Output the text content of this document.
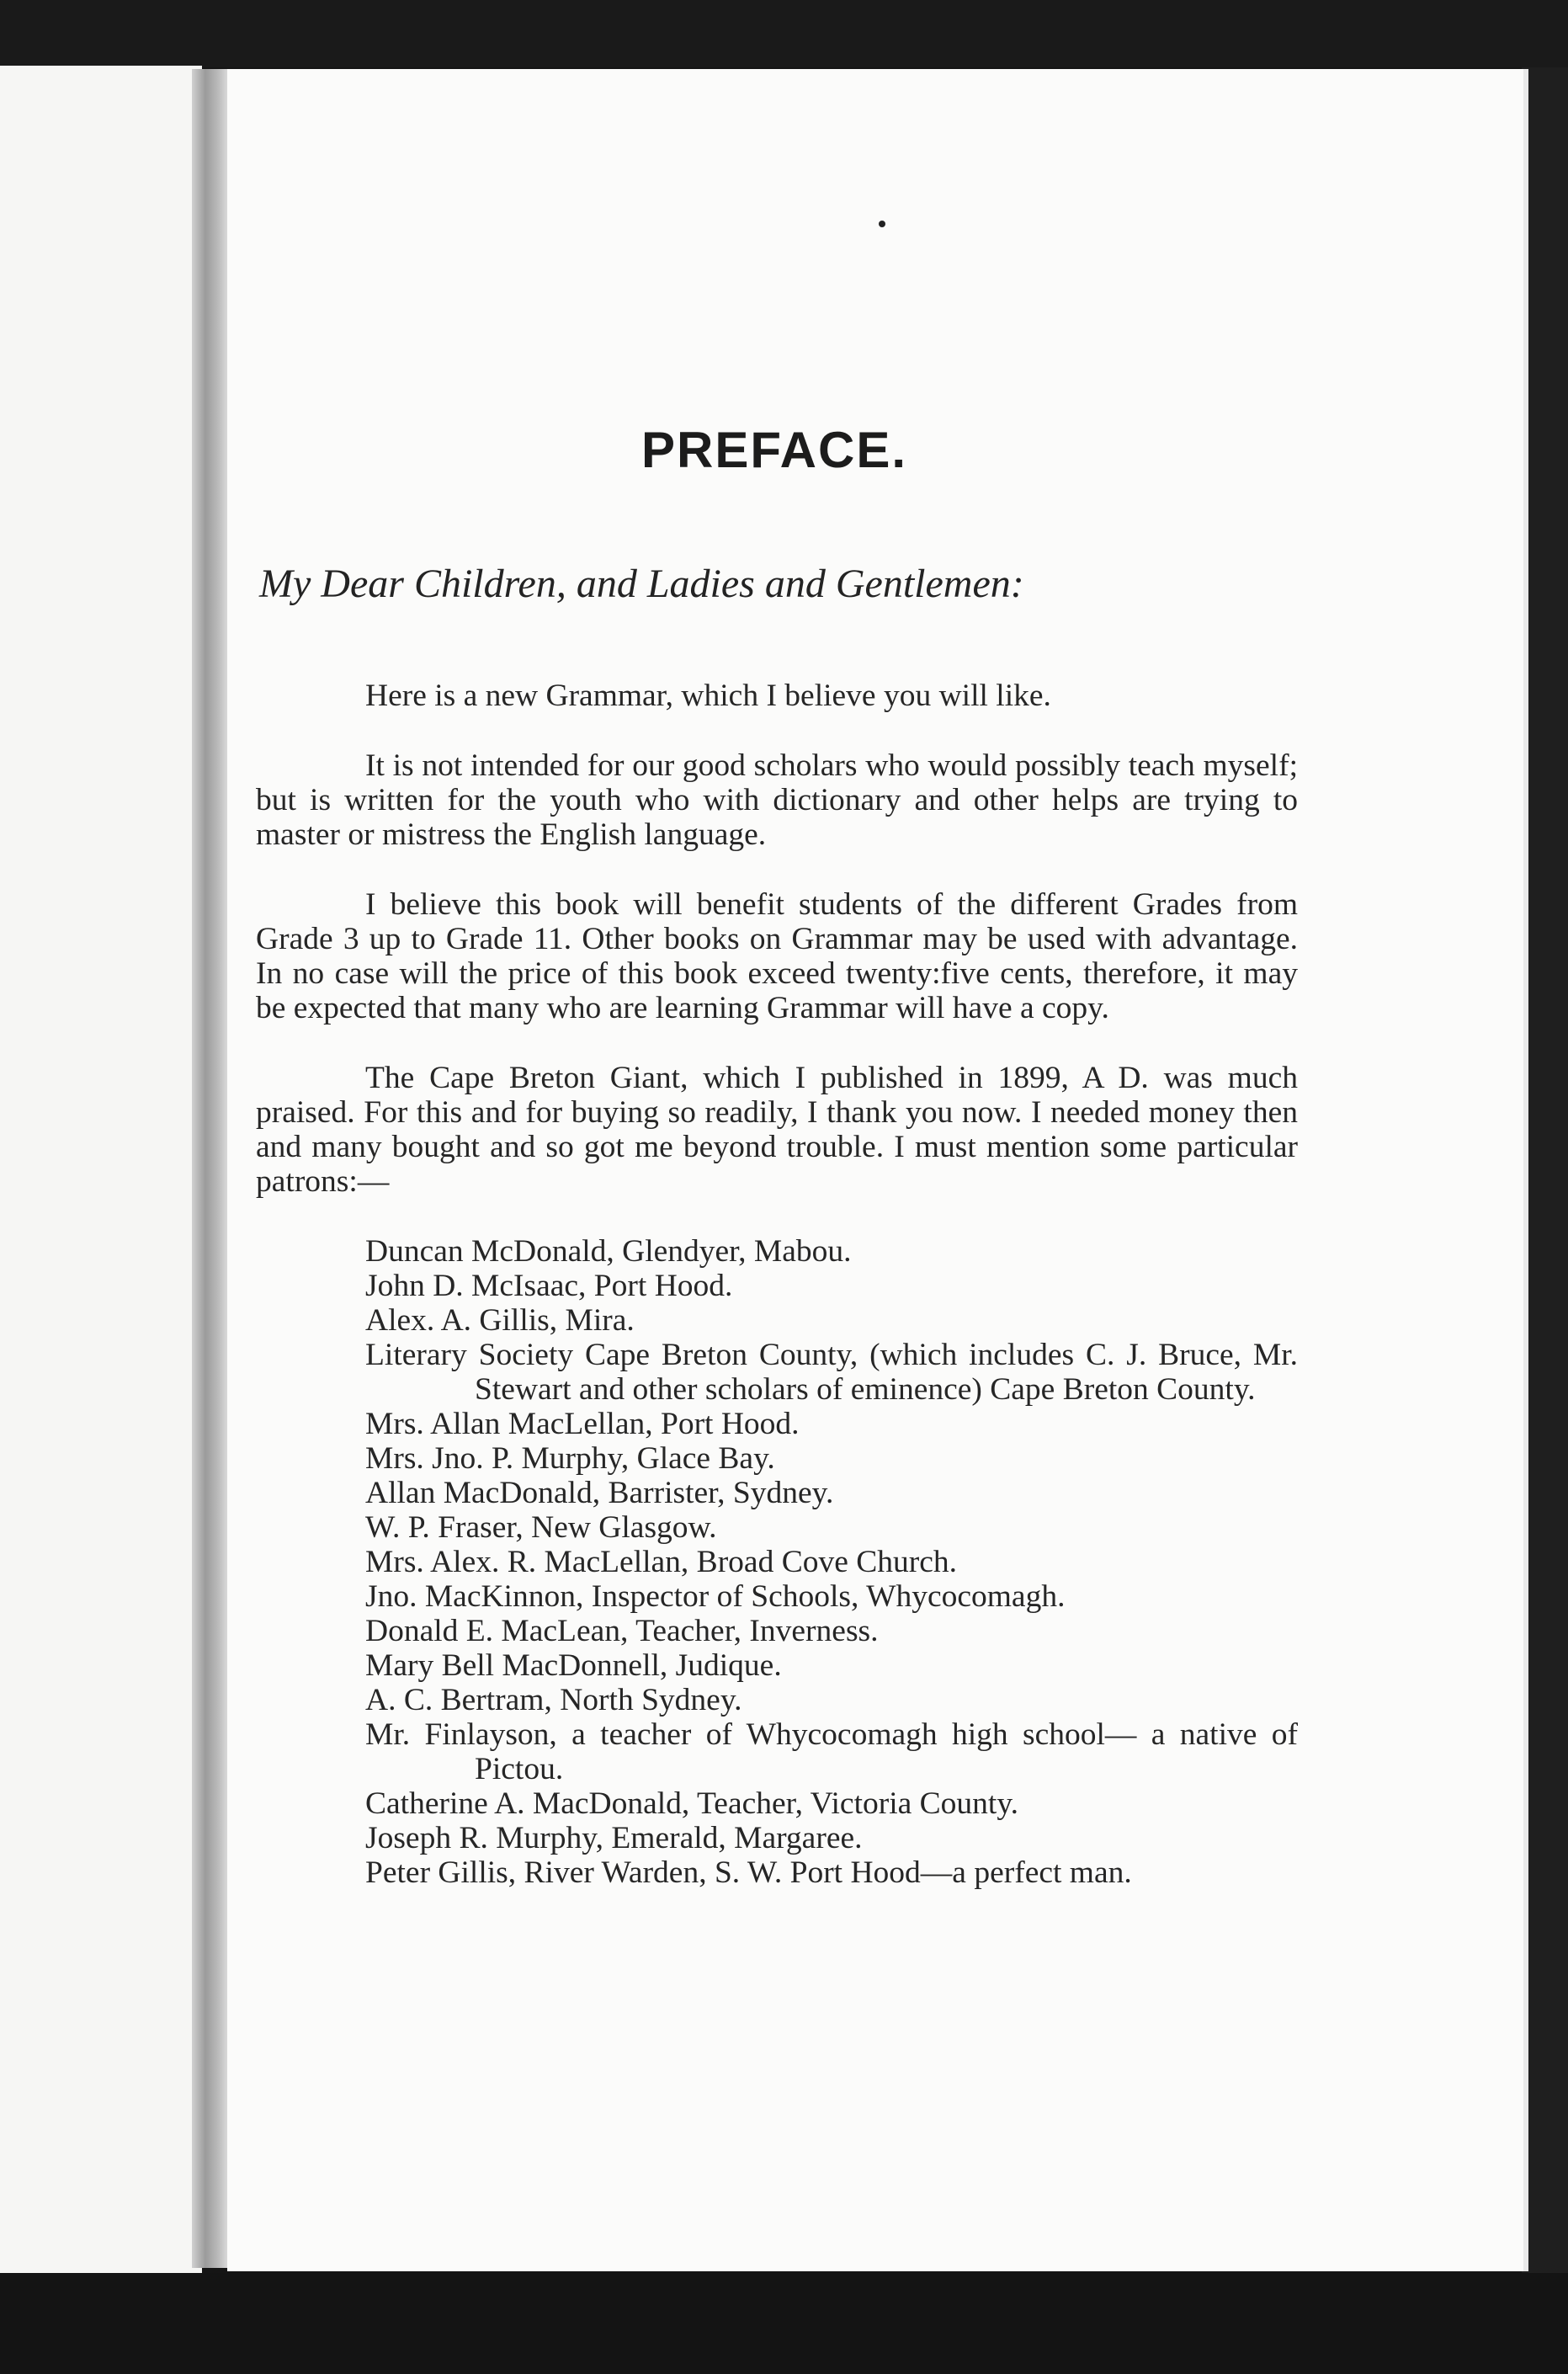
PREFACE.

My Dear Children, and Ladies and Gentlemen:

Here is a new Grammar, which I believe you will like.

It is not intended for our good scholars who would possibly teach myself; but is written for the youth who with dictionary and other helps are trying to master or mistress the English language.

I believe this book will benefit students of the different Grades from Grade 3 up to Grade 11. Other books on Grammar may be used with advantage. In no case will the price of this book exceed twenty:five cents, therefore, it may be expected that many who are learning Grammar will have a copy.

The Cape Breton Giant, which I published in 1899, A D. was much praised. For this and for buying so readily, I thank you now. I needed money then and many bought and so got me beyond trouble. I must mention some particular patrons:—

Duncan McDonald, Glendyer, Mabou.
John D. McIsaac, Port Hood.
Alex. A. Gillis, Mira.
Literary Society Cape Breton County, (which includes C. J. Bruce, Mr. Stewart and other scholars of eminence) Cape Breton County.
Mrs. Allan MacLellan, Port Hood.
Mrs. Jno. P. Murphy, Glace Bay.
Allan MacDonald, Barrister, Sydney.
W. P. Fraser, New Glasgow.
Mrs. Alex. R. MacLellan, Broad Cove Church.
Jno. MacKinnon, Inspector of Schools, Whycocomagh.
Donald E. MacLean, Teacher, Inverness.
Mary Bell MacDonnell, Judique.
A. C. Bertram, North Sydney.
Mr. Finlayson, a teacher of Whycocomagh high school— a native of Pictou.
Catherine A. MacDonald, Teacher, Victoria County.
Joseph R. Murphy, Emerald, Margaree.
Peter Gillis, River Warden, S. W. Port Hood—a perfect man.
